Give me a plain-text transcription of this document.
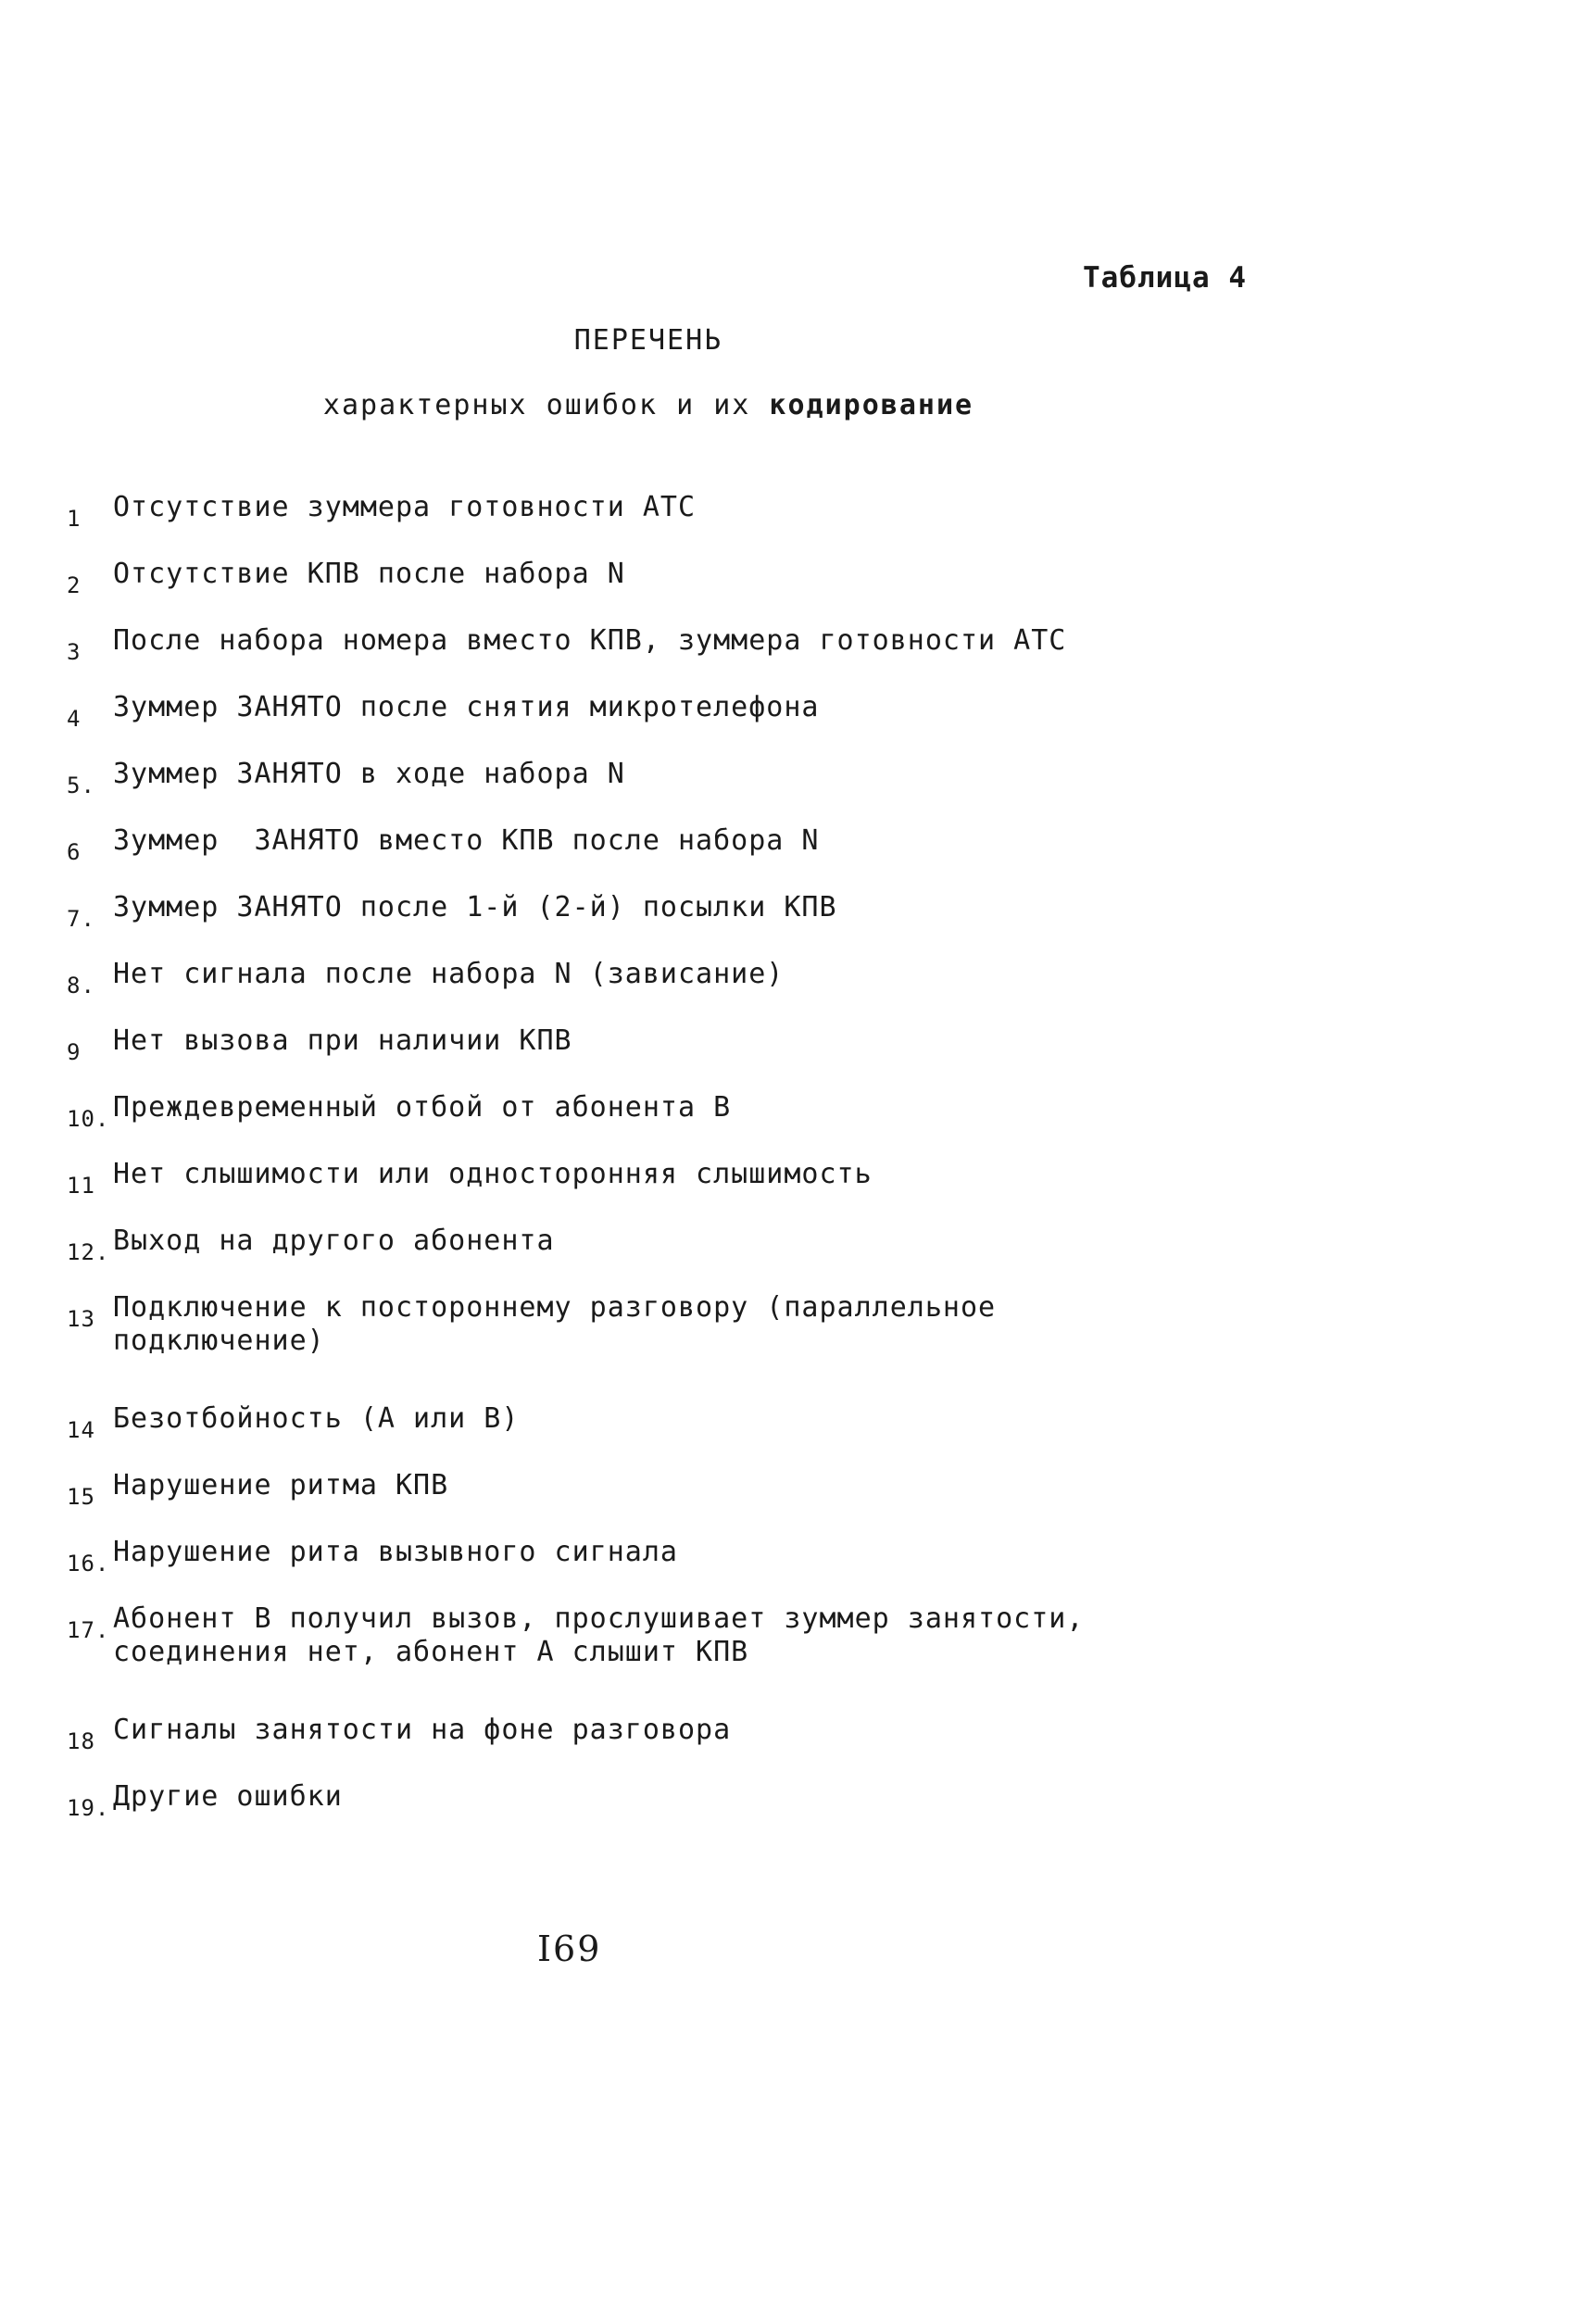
Таблица 4
ПЕРЕЧЕНЬ
характерных ошибок и их кодирование
1	Отсутствие зуммера готовности АТС
2	Отсутствие КПВ после набора N
3	После набора номера вместо КПВ, зуммера готовности АТС
4	Зуммер ЗАНЯТО после снятия микротелефона
5. Зуммер ЗАНЯТО в ходе набора N
6	Зуммер  ЗАНЯТО вместо КПВ после набора N
7. Зуммер ЗАНЯТО после 1-й (2-й) посылки КПВ
8. Нет сигнала после набора N (зависание)
9	Нет вызова при наличии КПВ
10. Преждевременный отбой от абонента В
11 Нет слышимости или односторонняя слышимость
12. Выход на другого абонента
13 Подключение к постороннему разговору (параллельное подключение)
14 Безотбойность (А или В)
15 Нарушение ритма КПВ
16. Нарушение рита вызывного сигнала
17. Абонент В получил вызов, прослушивает зуммер занятости, соединения нет, абонент А слышит КПВ
18 Сигналы занятости на фоне разговора
19. Другие ошибки
I69
